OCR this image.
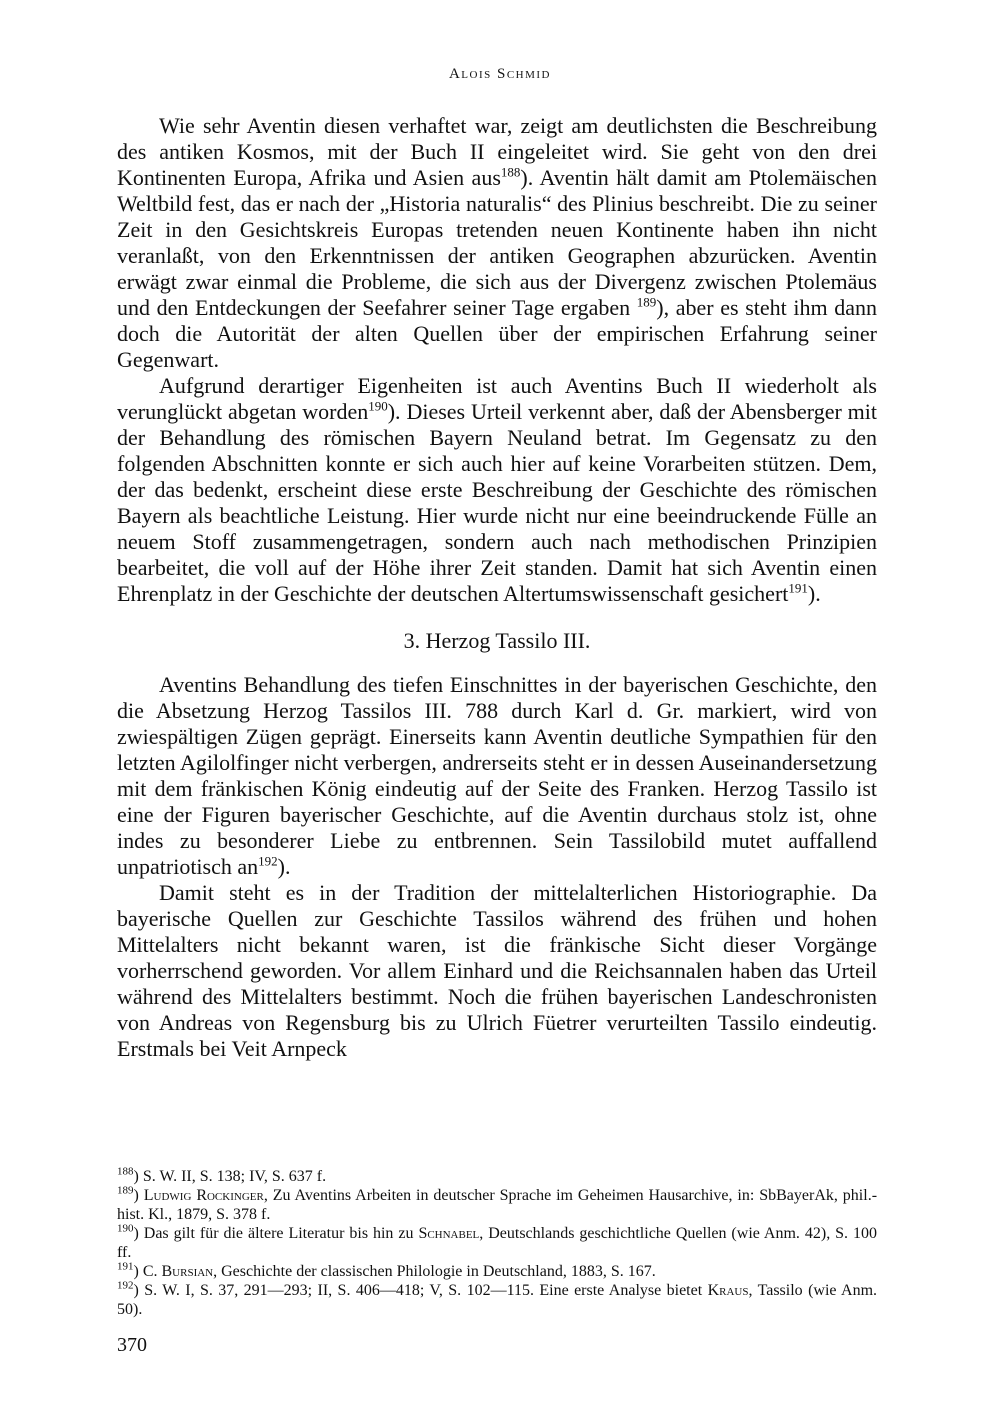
Alois Schmid

Wie sehr Aventin diesen verhaftet war, zeigt am deutlichsten die Beschreibung des antiken Kosmos, mit der Buch II eingeleitet wird. Sie geht von den drei Kontinenten Europa, Afrika und Asien aus$^{188}$). Aventin hält damit am Ptolemäischen Weltbild fest, das er nach der „Historia naturalis“ des Plinius beschreibt. Die zu seiner Zeit in den Gesichtskreis Europas tretenden neuen Kontinente haben ihn nicht veranlaßt, von den Erkenntnissen der antiken Geographen abzurücken. Aventin erwägt zwar einmal die Probleme, die sich aus der Divergenz zwischen Ptolemäus und den Entdeckungen der Seefahrer seiner Tage ergaben $^{189}$), aber es steht ihm dann doch die Autorität der alten Quellen über der empirischen Erfahrung seiner Gegenwart.

Aufgrund derartiger Eigenheiten ist auch Aventins Buch II wiederholt als verunglückt abgetan worden$^{190}$). Dieses Urteil verkennt aber, daß der Abensberger mit der Behandlung des römischen Bayern Neuland betrat. Im Gegensatz zu den folgenden Abschnitten konnte er sich auch hier auf keine Vorarbeiten stützen. Dem, der das bedenkt, erscheint diese erste Beschreibung der Geschichte des römischen Bayern als beachtliche Leistung. Hier wurde nicht nur eine beeindruckende Fülle an neuem Stoff zusammengetragen, sondern auch nach methodischen Prinzipien bearbeitet, die voll auf der Höhe ihrer Zeit standen. Damit hat sich Aventin einen Ehrenplatz in der Geschichte der deutschen Altertumswissenschaft gesichert$^{191}$).

3. Herzog Tassilo III.

Aventins Behandlung des tiefen Einschnittes in der bayerischen Geschichte, den die Absetzung Herzog Tassilos III. 788 durch Karl d. Gr. markiert, wird von zwiespältigen Zügen geprägt. Einerseits kann Aventin deutliche Sympathien für den letzten Agilolfinger nicht verbergen, andrerseits steht er in dessen Auseinandersetzung mit dem fränkischen König eindeutig auf der Seite des Franken. Herzog Tassilo ist eine der Figuren bayerischer Geschichte, auf die Aventin durchaus stolz ist, ohne indes zu besonderer Liebe zu entbrennen. Sein Tassilobild mutet auffallend unpatriotisch an$^{192}$).

Damit steht es in der Tradition der mittelalterlichen Historiographie. Da bayerische Quellen zur Geschichte Tassilos während des frühen und hohen Mittelalters nicht bekannt waren, ist die fränkische Sicht dieser Vorgänge vorherrschend geworden. Vor allem Einhard und die Reichsannalen haben das Urteil während des Mittelalters bestimmt. Noch die frühen bayerischen Landeschronisten von Andreas von Regensburg bis zu Ulrich Füetrer verurteilten Tassilo eindeutig. Erstmals bei Veit Arnpeck

$^{188}$) S. W. II, S. 138; IV, S. 637 f.

$^{189}$) Ludwig Rockinger, Zu Aventins Arbeiten in deutscher Sprache im Geheimen Hausarchive, in: SbBayerAk, phil.-hist. Kl., 1879, S. 378 f.

$^{190}$) Das gilt für die ältere Literatur bis hin zu Schnabel, Deutschlands geschichtliche Quellen (wie Anm. 42), S. 100 ff.

$^{191}$) C. Bursian, Geschichte der classischen Philologie in Deutschland, 1883, S. 167.

$^{192}$) S. W. I, S. 37, 291—293; II, S. 406—418; V, S. 102—115. Eine erste Analyse bietet Kraus, Tassilo (wie Anm. 50).

370
